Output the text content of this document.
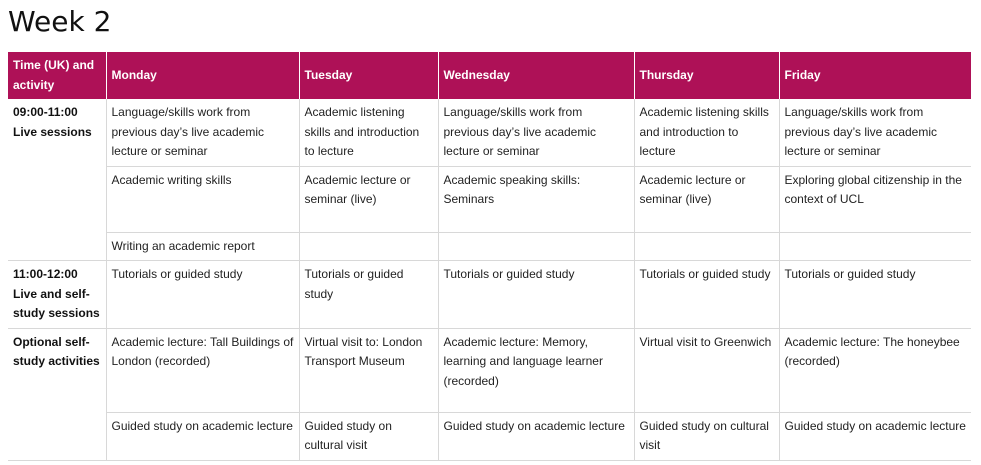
Week 2
Time (UK) and activity	Monday	Tuesday	Wednesday	Thursday	Friday
09:00-11:00 Live sessions	Language/skills work from previous day’s live academic lecture or seminar	Academic listening skills and introduction to lecture	Language/skills work from previous day’s live academic lecture or seminar	Academic listening skills and introduction to lecture	Language/skills work from previous day’s live academic lecture or seminar
	Academic writing skills	Academic lecture or seminar (live)	Academic speaking skills: Seminars	Academic lecture or seminar (live)	Exploring global citizenship in the context of UCL
	Writing an academic report				
11:00-12:00 Live and self-study sessions	Tutorials or guided study	Tutorials or guided study	Tutorials or guided study	Tutorials or guided study	Tutorials or guided study
Optional self-study activities	Academic lecture: Tall Buildings of London (recorded)	Virtual visit to: London Transport Museum	Academic lecture: Memory, learning and language learner (recorded)	Virtual visit to Greenwich	Academic lecture: The honeybee (recorded)
	Guided study on academic lecture	Guided study on cultural visit	Guided study on academic lecture	Guided study on cultural visit	Guided study on academic lecture
